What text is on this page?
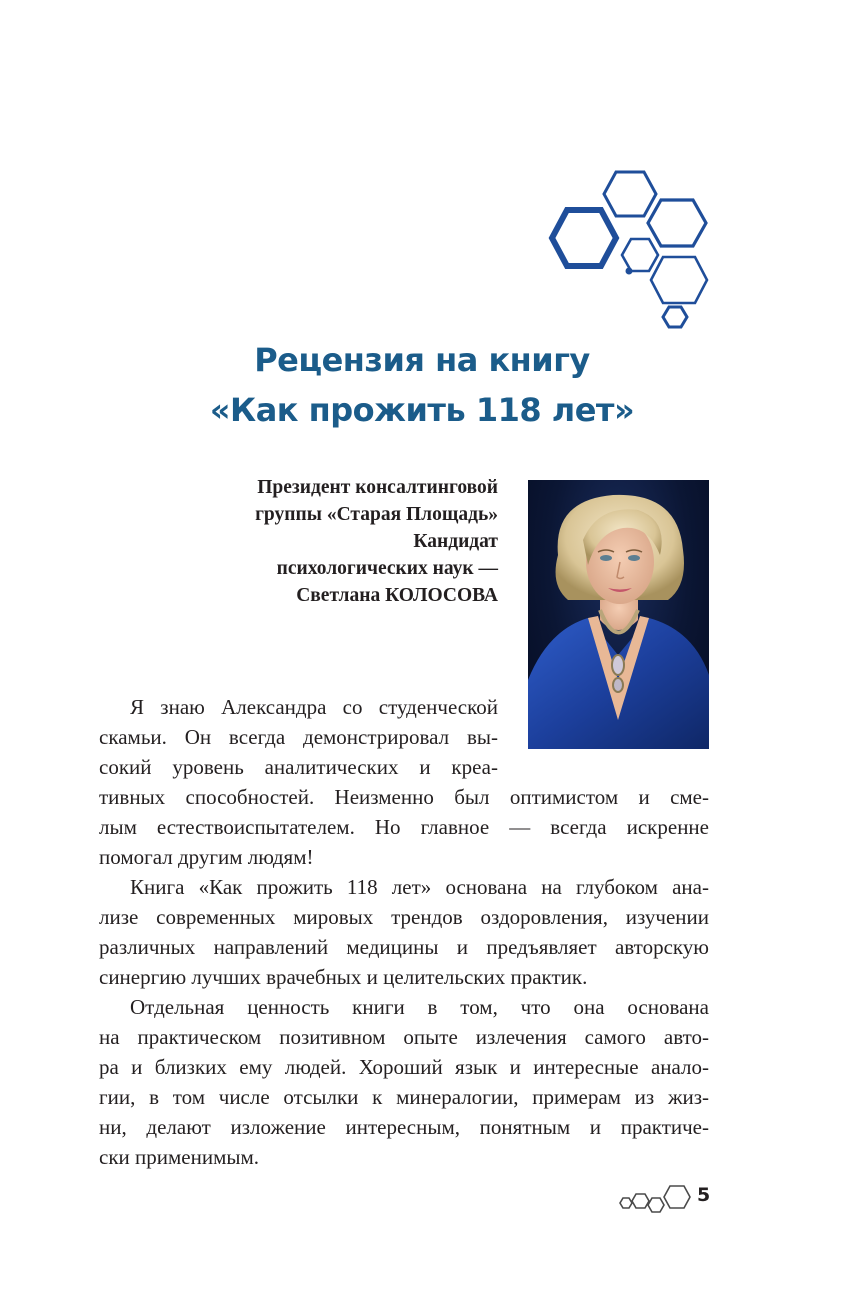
Рецензия на книгу
«Как прожить 118 лет»
Президент консалтинговой
группы «Старая Площадь»
Кандидат
психологических наук —
Светлана КОЛОСОВА
Я знаю Александра со студенческой
скамьи. Он всегда демонстрировал вы-
сокий уровень аналитических и креа-
тивных способностей. Неизменно был оптимистом и сме-
лым естествоиспытателем. Но главное — всегда искренне
помогал другим людям!
Книга «Как прожить 118 лет» основана на глубоком ана-
лизе современных мировых трендов оздоровления, изучении
различных направлений медицины и предъявляет авторскую
синергию лучших врачебных и целительских практик.
Отдельная ценность книги в том, что она основана
на практическом позитивном опыте излечения самого авто-
ра и близких ему людей. Хороший язык и интересные анало-
гии, в том числе отсылки к минералогии, примерам из жиз-
ни, делают изложение интересным, понятным и практиче-
ски применимым.
5
